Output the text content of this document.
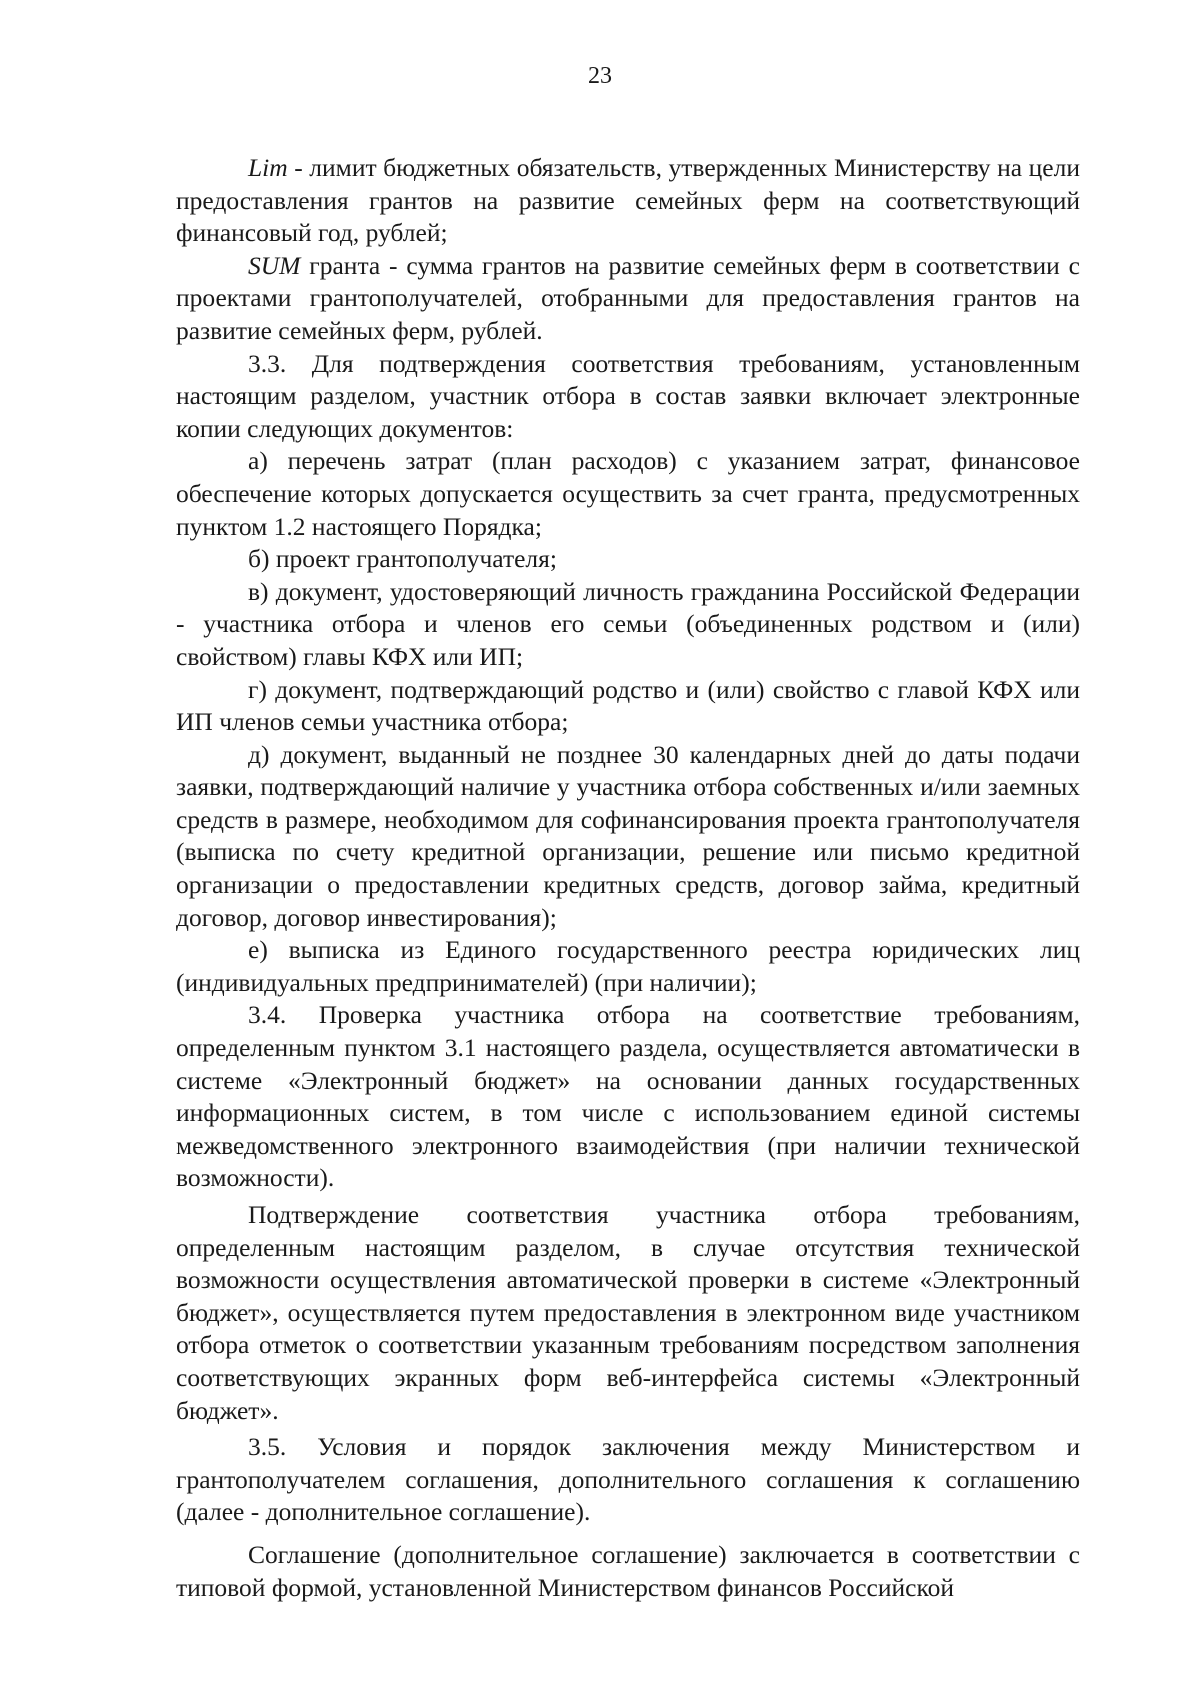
23

Lim - лимит бюджетных обязательств, утвержденных Министерству на цели предоставления грантов на развитие семейных ферм на соответствующий финансовый год, рублей;

SUM гранта - сумма грантов на развитие семейных ферм в соответствии с проектами грантополучателей, отобранными для предоставления грантов на развитие семейных ферм, рублей.

3.3. Для подтверждения соответствия требованиям, установленным настоящим разделом, участник отбора в состав заявки включает электронные копии следующих документов:

а) перечень затрат (план расходов) с указанием затрат, финансовое обеспечение которых допускается осуществить за счет гранта, предусмотренных пунктом 1.2 настоящего Порядка;

б) проект грантополучателя;

в) документ, удостоверяющий личность гражданина Российской Федерации - участника отбора и членов его семьи (объединенных родством и (или) свойством) главы КФХ или ИП;

г) документ, подтверждающий родство и (или) свойство с главой КФХ или ИП членов семьи участника отбора;

д) документ, выданный не позднее 30 календарных дней до даты подачи заявки, подтверждающий наличие у участника отбора собственных и/или заемных средств в размере, необходимом для софинансирования проекта грантополучателя (выписка по счету кредитной организации, решение или письмо кредитной организации о предоставлении кредитных средств, договор займа, кредитный договор, договор инвестирования);

е) выписка из Единого государственного реестра юридических лиц (индивидуальных предпринимателей) (при наличии);

3.4. Проверка участника отбора на соответствие требованиям, определенным пунктом 3.1 настоящего раздела, осуществляется автоматически в системе «Электронный бюджет» на основании данных государственных информационных систем, в том числе с использованием единой системы межведомственного электронного взаимодействия (при наличии технической возможности).

Подтверждение соответствия участника отбора требованиям, определенным настоящим разделом, в случае отсутствия технической возможности осуществления автоматической проверки в системе «Электронный бюджет», осуществляется путем предоставления в электронном виде участником отбора отметок о соответствии указанным требованиям посредством заполнения соответствующих экранных форм веб-интерфейса системы «Электронный бюджет».

3.5. Условия и порядок заключения между Министерством и грантополучателем соглашения, дополнительного соглашения к соглашению (далее - дополнительное соглашение).

Соглашение (дополнительное соглашение) заключается в соответствии с типовой формой, установленной Министерством финансов Российской
